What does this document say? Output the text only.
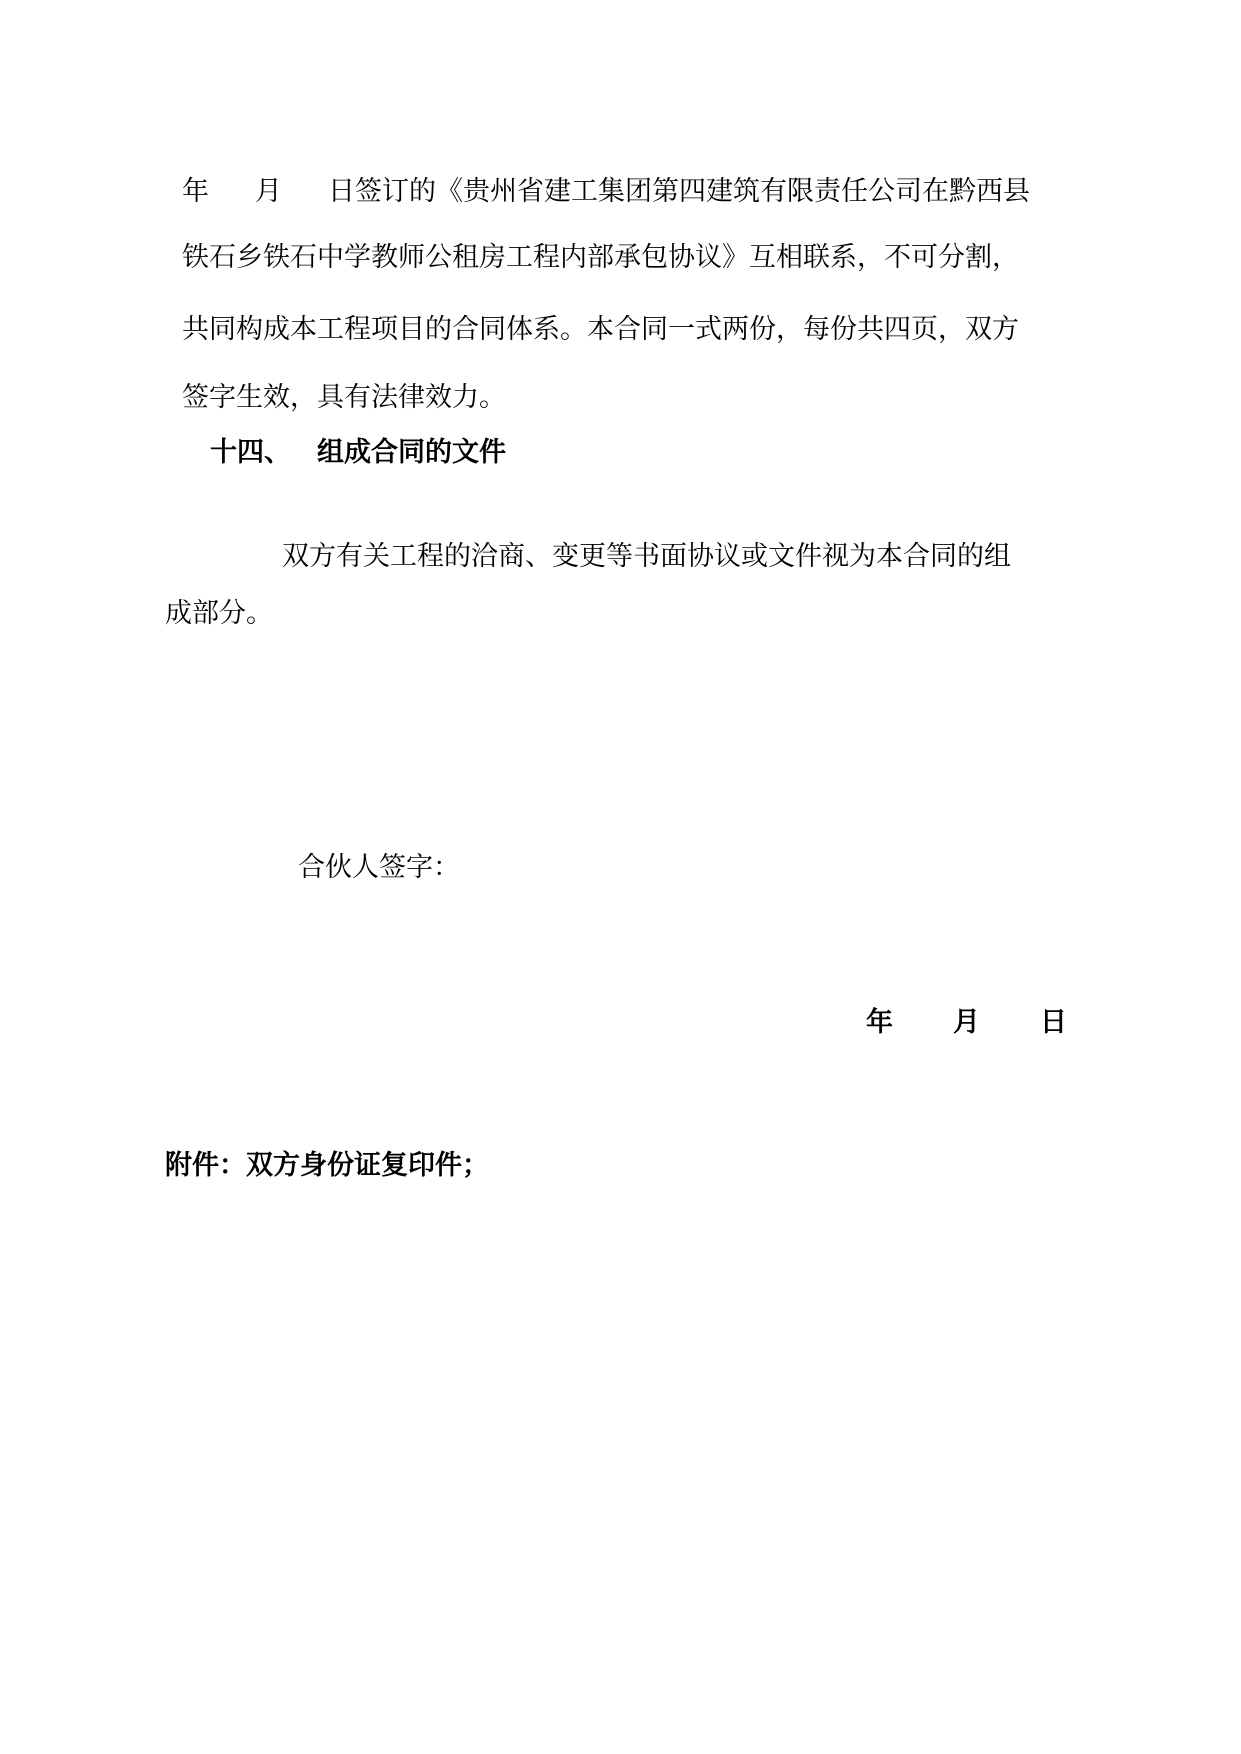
年 月 日签订的《贵州省建工集团第四建筑有限责任公司在黔西县
铁石乡铁石中学教师公租房工程内部承包协议》互相联系，不可分割，
共同构成本工程项目的合同体系。本合同一式两份，每份共四页，双方
签字生效，具有法律效力。
十四、 组成合同的文件
双方有关工程的洽商、变更等书面协议或文件视为本合同的组
成部分。
合伙人签字：
年 月 日
附件：双方身份证复印件；
